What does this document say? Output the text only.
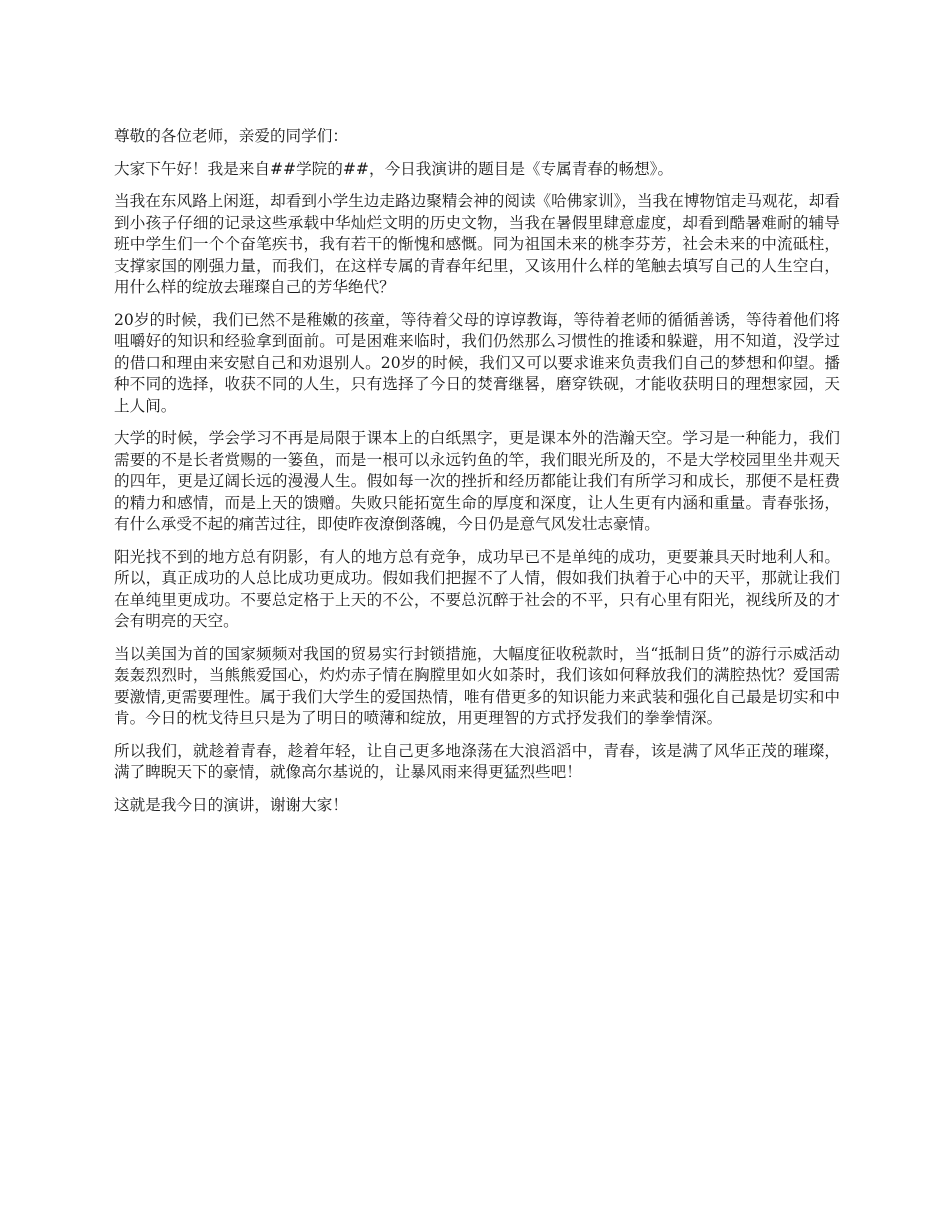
尊敬的各位老师，亲爱的同学们：

大家下午好！我是来自##学院的##，今日我演讲的题目是《专属青春的畅想》。

当我在东风路上闲逛，却看到小学生边走路边聚精会神的阅读《哈佛家训》，当我在博物馆走马观花，却看到小孩子仔细的记录这些承载中华灿烂文明的历史文物，当我在暑假里肆意虚度，却看到酷暑难耐的辅导班中学生们一个个奋笔疾书，我有若干的惭愧和感慨。同为祖国未来的桃李芬芳，社会未来的中流砥柱，支撑家国的刚强力量，而我们，在这样专属的青春年纪里，又该用什么样的笔触去填写自己的人生空白，用什么样的绽放去璀璨自己的芳华绝代？

20岁的时候，我们已然不是稚嫩的孩童，等待着父母的谆谆教诲，等待着老师的循循善诱，等待着他们将咀嚼好的知识和经验拿到面前。可是困难来临时，我们仍然那么习惯性的推诿和躲避，用不知道，没学过的借口和理由来安慰自己和劝退别人。20岁的时候，我们又可以要求谁来负责我们自己的梦想和仰望。播种不同的选择，收获不同的人生，只有选择了今日的焚膏继晷，磨穿铁砚，才能收获明日的理想家园，天上人间。

大学的时候，学会学习不再是局限于课本上的白纸黑字，更是课本外的浩瀚天空。学习是一种能力，我们需要的不是长者赏赐的一篓鱼，而是一根可以永远钓鱼的竿，我们眼光所及的，不是大学校园里坐井观天的四年，更是辽阔长远的漫漫人生。假如每一次的挫折和经历都能让我们有所学习和成长，那便不是枉费的精力和感情，而是上天的馈赠。失败只能拓宽生命的厚度和深度，让人生更有内涵和重量。青春张扬，有什么承受不起的痛苦过往，即使昨夜潦倒落魄，今日仍是意气风发壮志豪情。

阳光找不到的地方总有阴影，有人的地方总有竞争，成功早已不是单纯的成功，更要兼具天时地利人和。所以，真正成功的人总比成功更成功。假如我们把握不了人情，假如我们执着于心中的天平，那就让我们在单纯里更成功。不要总定格于上天的不公，不要总沉醉于社会的不平，只有心里有阳光，视线所及的才会有明亮的天空。

当以美国为首的国家频频对我国的贸易实行封锁措施，大幅度征收税款时，当“抵制日货”的游行示威活动轰轰烈烈时，当熊熊爱国心，灼灼赤子情在胸膛里如火如荼时，我们该如何释放我们的满腔热忱？爱国需要激情,更需要理性。属于我们大学生的爱国热情，唯有借更多的知识能力来武装和强化自己最是切实和中肯。今日的枕戈待旦只是为了明日的喷薄和绽放，用更理智的方式抒发我们的拳拳情深。

所以我们，就趁着青春，趁着年轻，让自己更多地涤荡在大浪滔滔中，青春，该是满了风华正茂的璀璨，满了睥睨天下的豪情，就像高尔基说的，让暴风雨来得更猛烈些吧！

这就是我今日的演讲，谢谢大家！
